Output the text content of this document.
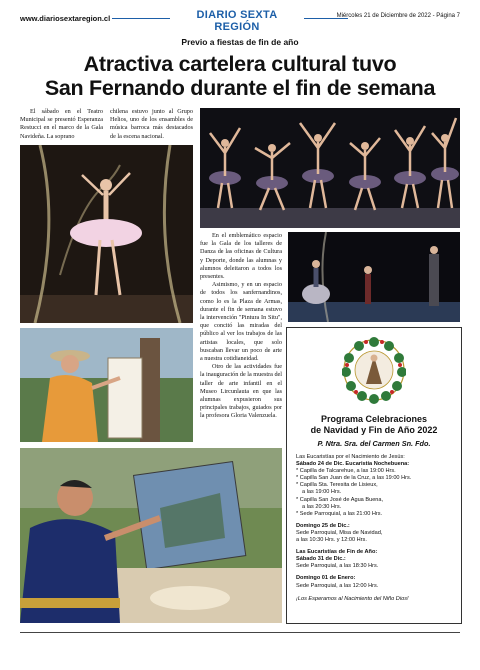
www.diariosextaregion.cl	DIARIO SEXTA REGIÓN
Miércoles 21 de Diciembre de 2022 - Página 7
Previo a fiestas de fin de año
Atractiva cartelera cultural tuvo
San Fernando durante el fin de semana
El sábado en el Teatro Municipal se presentó Esperanza Restucci en el marco de la Gala Navideña. La soprano
chilena estuvo junto al Grupo Helios, uno de los ensambles de música barroca más destacados de la escena nacional.
En el emblemático espacio fue la Gala de los talleres de Danza de las oficinas de Cultura y Deporte, donde las alumnas y alumnos deleitaron a todos los presentes.
Asimismo, y en un espacio de todos los sanfernandinos, como lo es la Plaza de Armas, durante el fin de semana estuvo la intervención "Pintura In Situ", que concitó las miradas del público al ver los trabajos de las artistas locales, que solo buscaban llevar un poco de arte a nuestra cotidianeidad.
Otro de las actividades fue la inauguración de la muestra del taller de arte infantil en el Museo Lircunlauta en que las alumnas expusieron sus principales trabajos, guiados por la profesora Gloria Valenzuela.	Programa Celebraciones
de Navidad y Fin de Año 2022
P. Ntra. Sra. del Carmen Sn. Fdo.
Las Eucaristías por el Nacimiento de Jesús:
Sábado 24 de Dic. Eucaristía Nochebuena:
* Capilla de Talcarehue, a las 19:00 Hrs.
* Capilla San Juan de la Cruz, a las 19:00 Hrs.
* Capilla Sta. Teresita de Lisieux,
a las 19:00 Hrs.
* Capilla San José de Agua Buena,
a las 20:30 Hrs.
* Sede Parroquial, a las 21:00 Hrs.
Domingo 25 de Dic.:
Sede Parroquial, Misa de Navidad,
a las 10:30 Hrs. y 12:00 Hrs.
Las Eucaristías de Fin de Año:
Sábado 31 de Dic.:
Sede Parroquial, a las 18:30 Hrs.
Domingo 01 de Enero:
Sede Parroquial, a las 12:00 Hrs.
¡Los Esperamos al Nacimiento del Niño Dios!
